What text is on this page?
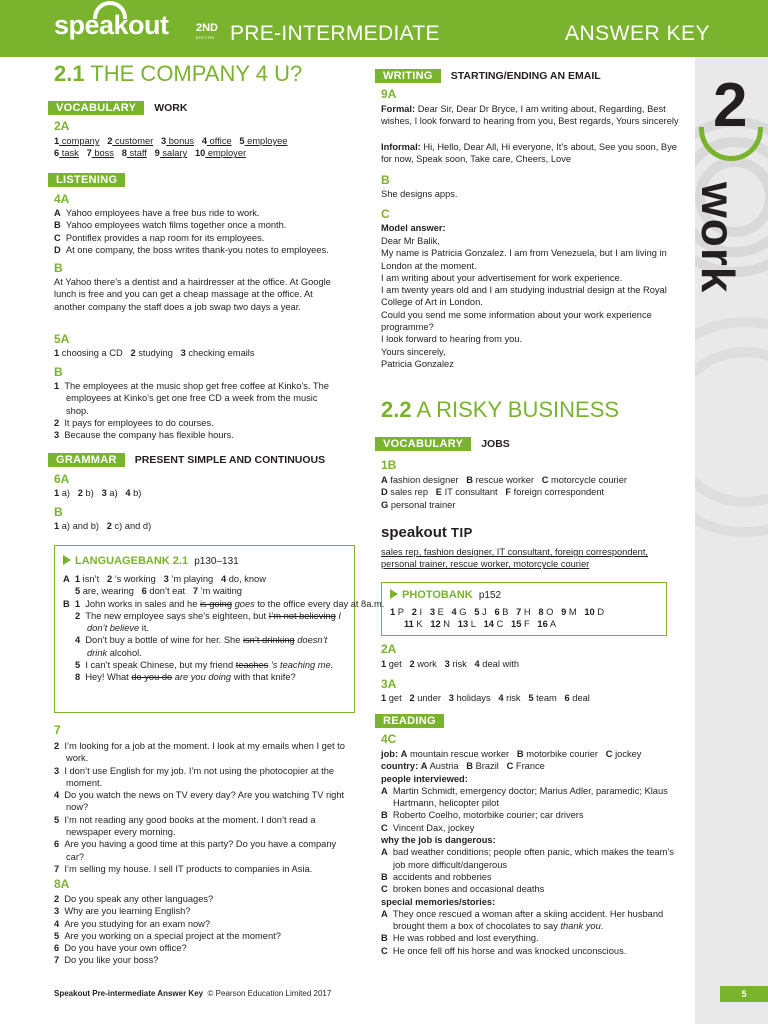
speakout 2ND
EDITION PRE-INTERMEDIATE	ANSWER KEY
2
work
2.1 THE COMPANY 4 U?
VOCABULARY	WORK
2A
1 company 2 customer 3 bonus 4 office 5 employee
6 task 7 boss 8 staff 9 salary 10 employer
LISTENING
4A
A  Yahoo employees have a free bus ride to work.
B  Yahoo employees watch films together once a month.
C  Pontiflex provides a nap room for its employees.
D  At one company, the boss writes thank-you notes to employees.
B
At Yahoo there’s a dentist and a hairdresser at the office. At Google lunch is free and you can get a cheap massage at the office. At another company the staff does a job swap two days a year.
5A
1 choosing a CD 2 studying 3 checking emails
B
1  The employees at the music shop get free coffee at Kinko’s. The employees at Kinko’s get one free CD a week from the music shop.
2  It pays for employees to do courses.
3  Because the company has flexible hours.
GRAMMAR	PRESENT SIMPLE AND CONTINUOUS
6A
1 a) 2 b) 3 a) 4 b)
B
1 a) and b) 2 c) and d)
LANGUAGEBANK 2.1 p130–131
A 1 isn’t 2 ’s working 3 ’m playing 4 do, know
5 are, wearing 6 don’t eat 7 ’m waiting
B 1 John works in sales and he is going goes to the office every day at 8a.m.
2 The new employee says she’s eighteen, but I’m not believing I don’t believe it.
4 Don’t buy a bottle of wine for her. She isn’t drinking doesn’t drink alcohol.
5 I can’t speak Chinese, but my friend teaches ’s teaching me.
8 Hey! What do you do are you doing with that knife?
7
2  I’m looking for a job at the moment. I look at my emails when I get to work.
3  I don’t use English for my job. I’m not using the photocopier at the moment.
4  Do you watch the news on TV every day? Are you watching TV right now?
5  I’m not reading any good books at the moment. I don’t read a newspaper every morning.
6  Are you having a good time at this party? Do you have a company car?
7  I’m selling my house. I sell IT products to companies in Asia.
8A
2  Do you speak any other languages?
3  Why are you learning English?
4  Are you studying for an exam now?
5  Are you working on a special project at the moment?
6  Do you have your own office?
7  Do you like your boss?
WRITING	STARTING/ENDING AN EMAIL
9A
Formal: Dear Sir, Dear Dr Bryce, I am writing about, Regarding, Best wishes, I look forward to hearing from you, Best regards, Yours sincerely
Informal: Hi, Hello, Dear All, Hi everyone, It’s about, See you soon, Bye for now, Speak soon, Take care, Cheers, Love
B
She designs apps.
C
Model answer:
Dear Mr Balik,
My name is Patricia Gonzalez. I am from Venezuela, but I am living in London at the moment.
I am writing about your advertisement for work experience.
I am twenty years old and I am studying industrial design at the Royal College of Art in London.
Could you send me some information about your work experience programme?
I look forward to hearing from you.
Yours sincerely,
Patricia Gonzalez
2.2 A RISKY BUSINESS
VOCABULARY	JOBS
1B
A fashion designer B rescue worker C motorcycle courier
D sales rep E IT consultant F foreign correspondent
G personal trainer
speakout TIP
sales rep, fashion designer, IT consultant, foreign correspondent,
personal trainer, rescue worker, motorcycle courier
PHOTOBANK p152
1 P 2 I 3 E 4 G 5 J 6 B 7 H 8 O 9 M 10 D
11 K 12 N 13 L 14 C 15 F 16 A
2A
1 get 2 work 3 risk 4 deal with
3A
1 get 2 under 3 holidays 4 risk 5 team 6 deal
READING
4C
job: A mountain rescue worker B motorbike courier C jockey
country: A Austria B Brazil C France
people interviewed:
A  Martin Schmidt, emergency doctor; Marius Adler, paramedic; Klaus Hartmann, helicopter pilot
B  Roberto Coelho, motorbike courier; car drivers
C  Vincent Dax, jockey
why the job is dangerous:
A  bad weather conditions; people often panic, which makes the team’s job more difficult/dangerous
B  accidents and robberies
C  broken bones and occasional deaths
special memories/stories:
A They once rescued a woman after a skiing accident. Her husband brought them a box of chocolates to say thank you.
B He was robbed and lost everything.
C He once fell off his horse and was knocked unconscious.
Speakout Pre-intermediate Answer Key © Pearson Education Limited 2017	5
